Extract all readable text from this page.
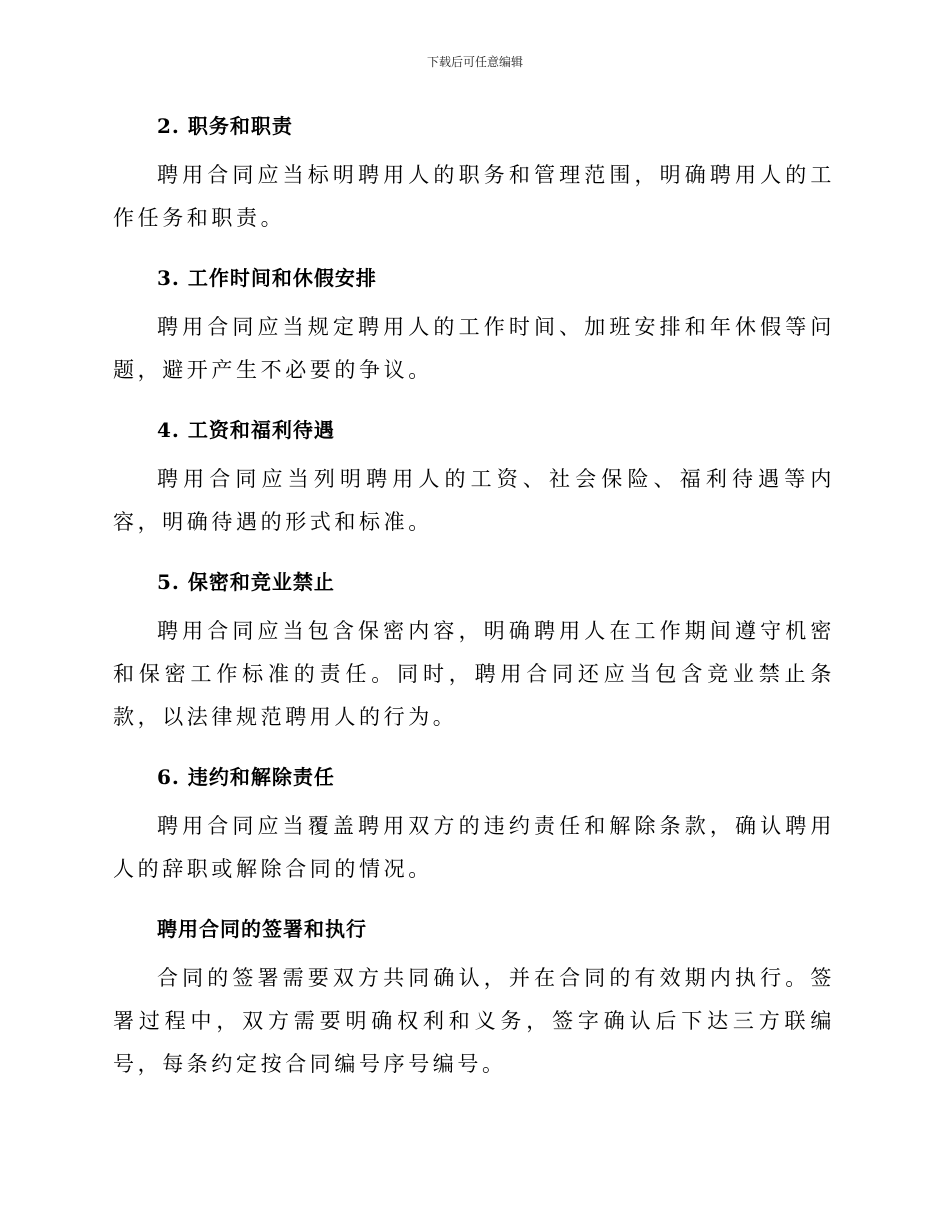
下载后可任意编辑
2. 职务和职责

聘用合同应当标明聘用人的职务和管理范围，明确聘用人的工作任务和职责。

3. 工作时间和休假安排

聘用合同应当规定聘用人的工作时间、加班安排和年休假等问题，避开产生不必要的争议。

4. 工资和福利待遇

聘用合同应当列明聘用人的工资、社会保险、福利待遇等内容，明确待遇的形式和标准。

5. 保密和竞业禁止

聘用合同应当包含保密内容，明确聘用人在工作期间遵守机密和保密工作标准的责任。同时，聘用合同还应当包含竞业禁止条款，以法律规范聘用人的行为。

6. 违约和解除责任

聘用合同应当覆盖聘用双方的违约责任和解除条款，确认聘用人的辞职或解除合同的情况。

聘用合同的签署和执行

合同的签署需要双方共同确认，并在合同的有效期内执行。签署过程中，双方需要明确权利和义务，签字确认后下达三方联编号，每条约定按合同编号序号编号。
